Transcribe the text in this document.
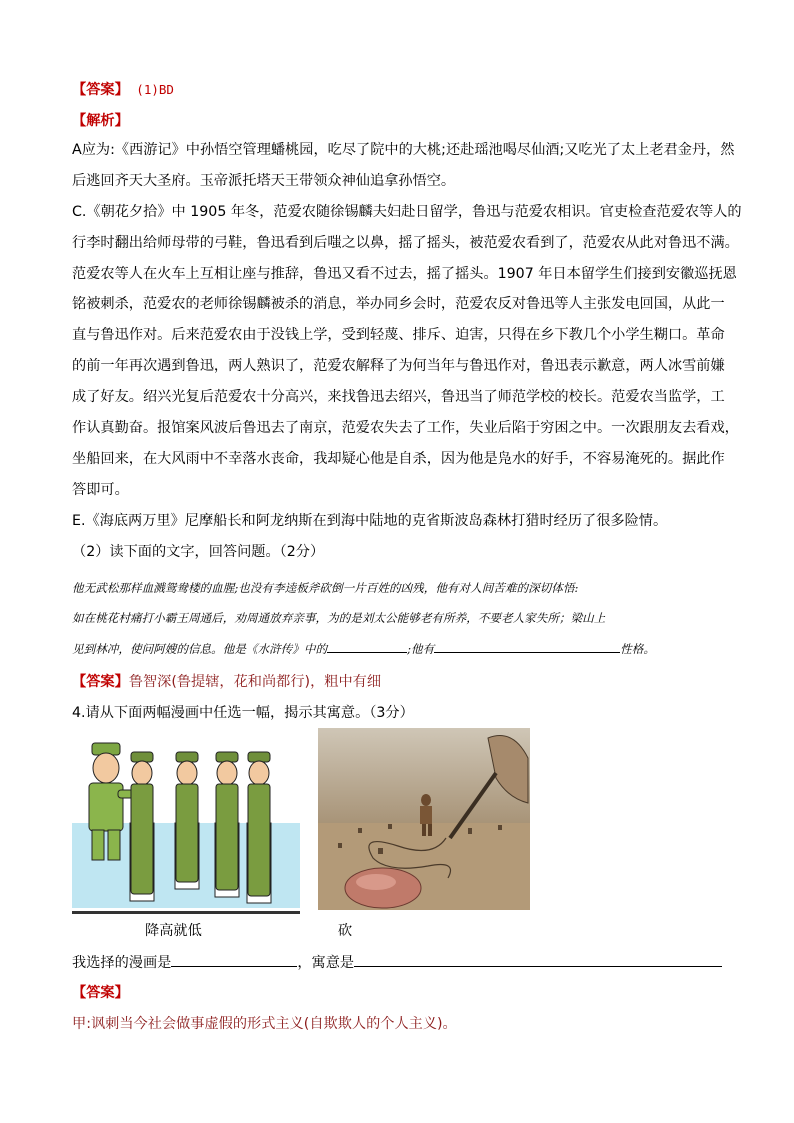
【答案】 (1)BD
【解析】
A应为:《西游记》中孙悟空管理蟠桃园，吃尽了院中的大桃;还赴瑶池喝尽仙酒;又吃光了太上老君金丹，然
后逃回齐天大圣府。玉帝派托塔天王带领众神仙追拿孙悟空。
C.《朝花夕拾》中 1905 年冬，范爱农随徐锡麟夫妇赴日留学，鲁迅与范爱农相识。官吏检查范爱农等人的
行李时翻出给师母带的弓鞋，鲁迅看到后嗤之以鼻，摇了摇头，被范爱农看到了，范爱农从此对鲁迅不满。
范爱农等人在火车上互相让座与推辞，鲁迅又看不过去，摇了摇头。1907 年日本留学生们接到安徽巡抚恩
铭被刺杀，范爱农的老师徐锡麟被杀的消息，举办同乡会时，范爱农反对鲁迅等人主张发电回国，从此一
直与鲁迅作对。后来范爱农由于没钱上学，受到轻蔑、排斥、迫害，只得在乡下教几个小学生糊口。革命
的前一年再次遇到鲁迅，两人熟识了，范爱农解释了为何当年与鲁迅作对，鲁迅表示歉意，两人冰雪前嫌
成了好友。绍兴光复后范爱农十分高兴，来找鲁迅去绍兴，鲁迅当了师范学校的校长。范爱农当监学，工
作认真勤奋。报馆案风波后鲁迅去了南京，范爱农失去了工作，失业后陷于穷困之中。一次跟朋友去看戏，
坐船回来，在大风雨中不幸落水丧命，我却疑心他是自杀，因为他是凫水的好手，不容易淹死的。据此作
答即可。
E.《海底两万里》尼摩船长和阿龙纳斯在到海中陆地的克省斯波岛森林打猎时经历了很多险情。
（2）读下面的文字，回答问题。（2分）
他无武松那样血溅鸳鸯楼的血腥;也没有李逵板斧砍倒一片百姓的凶残，他有对人间苦难的深切体悟:
如在桃花村痛打小霸王周通后，劝周通放弃亲事，为的是刘太公能够老有所养，不要老人家失所；梁山上
见到林冲，使问阿嫂的信息。他是《水浒传》中的	;他有	性格。
【答案】鲁智深(鲁提辖，花和尚都行)，粗中有细
4.请从下面两幅漫画中任选一幅，揭示其寓意。（3分）
降高就低	砍
我选择的漫画是	，寓意是
【答案】
甲:讽刺当今社会做事虚假的形式主义(自欺欺人的个人主义)。
